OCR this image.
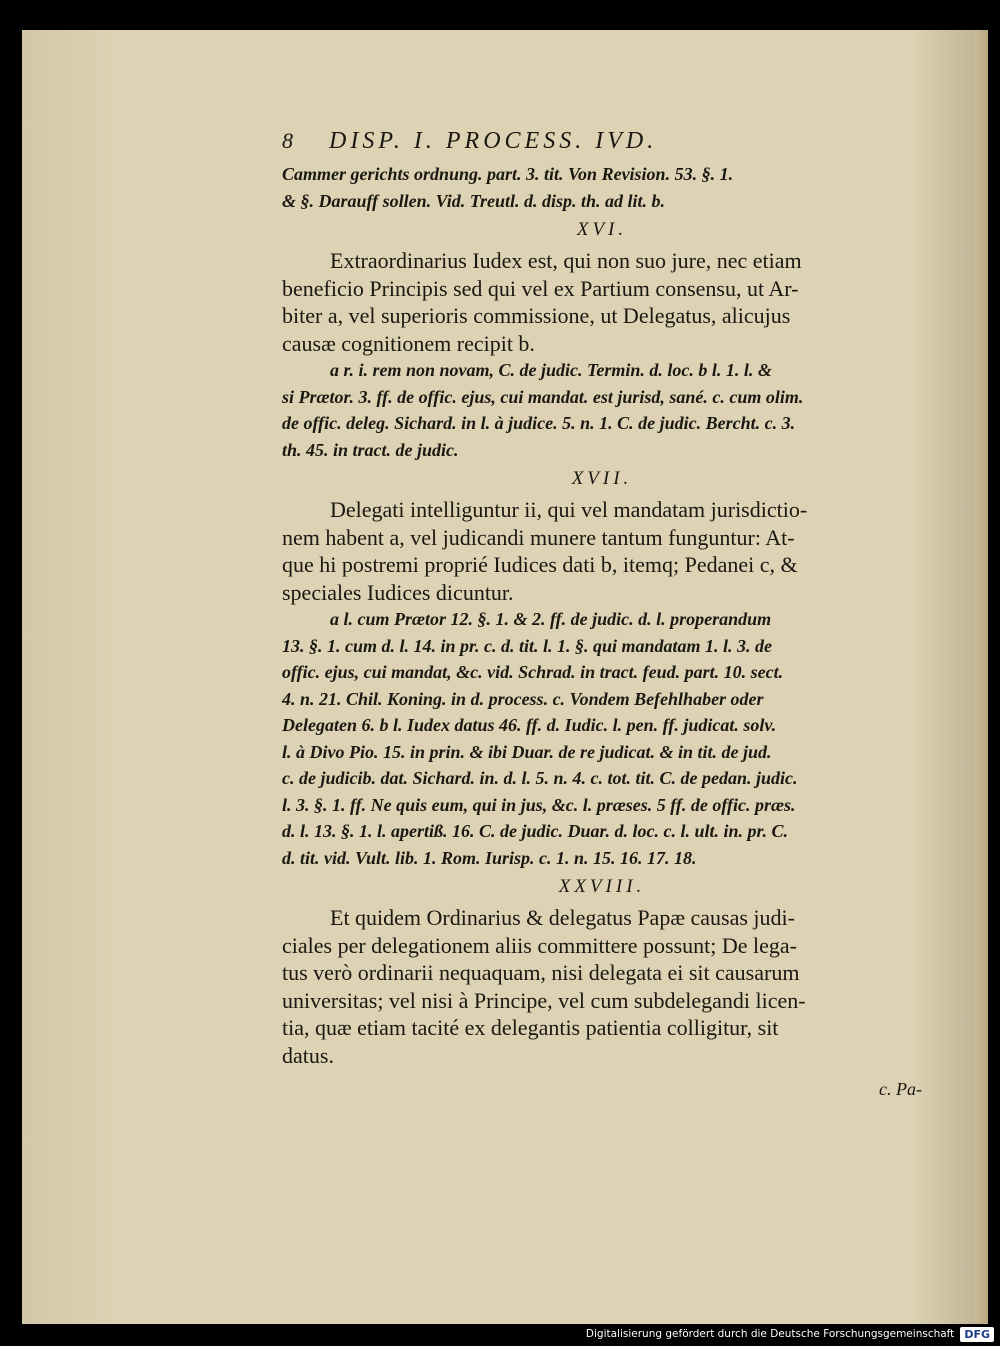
8 DISP. I. PROCESS. IVD.
Cammer gerichts ordnung. part. 3. tit. Von Revision. 53. §. 1.
& §. Darauff sollen. Vid. Treutl. d. disp. th. ad lit. b.
XVI.
Extraordinarius Iudex est, qui non suo jure, nec etiam
beneficio Principis sed qui vel ex Partium consensu, ut Ar-
biter a, vel superioris commissione, ut Delegatus, alicujus
causæ cognitionem recipit b.
a r. i. rem non novam, C. de judic. Termin. d. loc. b l. 1. l. &
si Prætor. 3. ff. de offic. ejus, cui mandat. est jurisd, sané. c. cum olim.
de offic. deleg. Sichard. in l. à judice. 5. n. 1. C. de judic. Bercht. c. 3.
th. 45. in tract. de judic.
XVII.
Delegati intelliguntur ii, qui vel mandatam jurisdictio-
nem habent a, vel judicandi munere tantum funguntur: At-
que hi postremi proprié Iudices dati b, itemq; Pedanei c, &
speciales Iudices dicuntur.
a l. cum Prætor 12. §. 1. & 2. ff. de judic. d. l. properandum
13. §. 1. cum d. l. 14. in pr. c. d. tit. l. 1. §. qui mandatam 1. l. 3. de
offic. ejus, cui mandat, &c. vid. Schrad. in tract. feud. part. 10. sect.
4. n. 21. Chil. Koning. in d. process. c. Vondem Befehlhaber oder
Delegaten 6. b l. Iudex datus 46. ff. d. Iudic. l. pen. ff. judicat. solv.
l. à Divo Pio. 15. in prin. & ibi Duar. de re judicat. & in tit. de jud.
c. de judicib. dat. Sichard. in. d. l. 5. n. 4. c. tot. tit. C. de pedan. judic.
l. 3. §. 1. ff. Ne quis eum, qui in jus, &c. l. præses. 5 ff. de offic. præs.
d. l. 13. §. 1. l. apertiß. 16. C. de judic. Duar. d. loc. c. l. ult. in. pr. C.
d. tit. vid. Vult. lib. 1. Rom. Iurisp. c. 1. n. 15. 16. 17. 18.
XXVIII.
Et quidem Ordinarius & delegatus Papæ causas judi-
ciales per delegationem aliis committere possunt; De lega-
tus verò ordinarii nequaquam, nisi delegata ei sit causarum
universitas; vel nisi à Principe, vel cum subdelegandi licen-
tia, quæ etiam tacité ex delegantis patientia colligitur, sit
datus.
c. Pa-
Digitalisierung gefördert durch die Deutsche Forschungsgemeinschaft DFG
